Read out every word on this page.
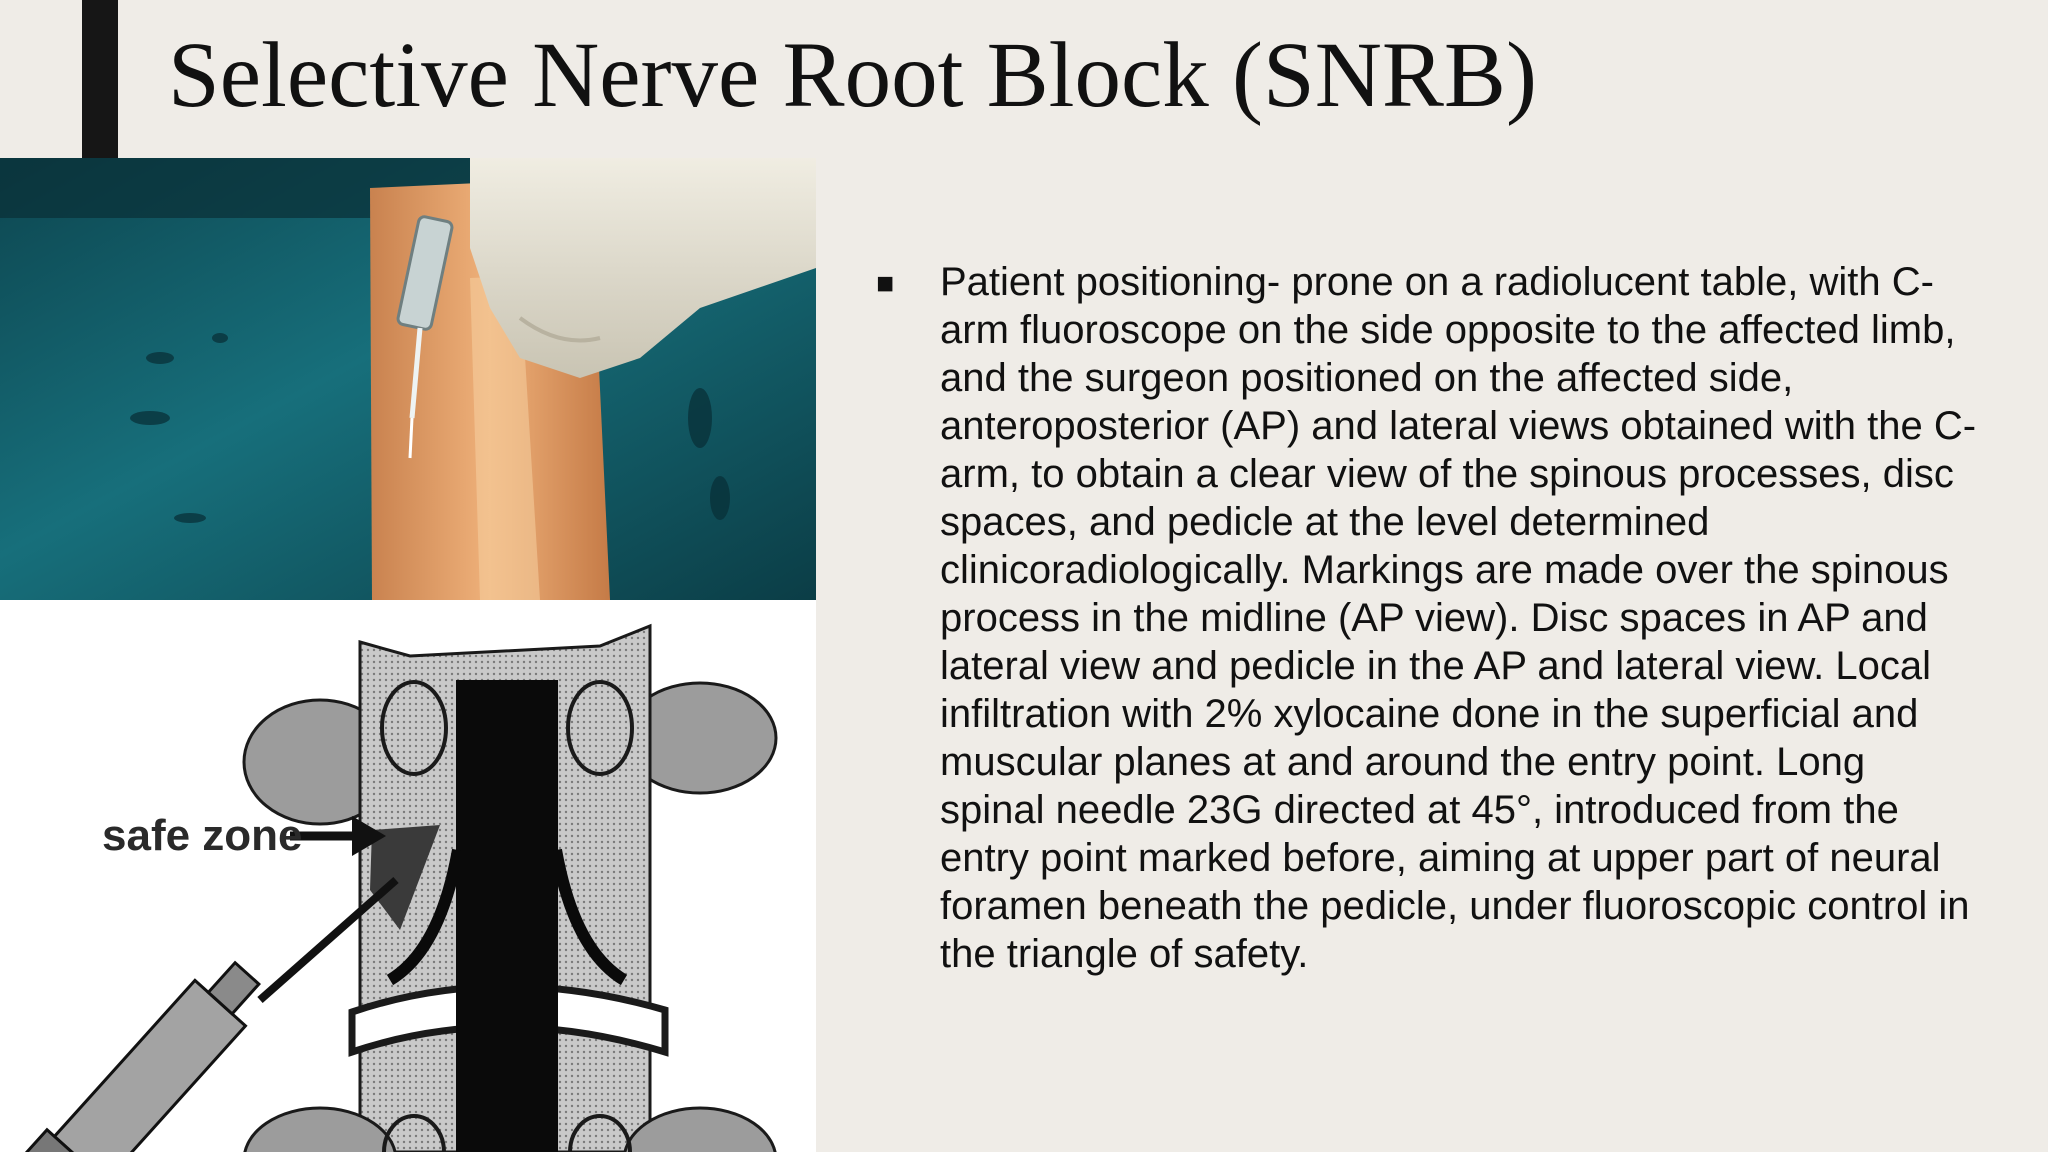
Selective Nerve Root Block (SNRB)
safe zone
■	Patient positioning- prone on a radiolucent table, with C-arm fluoroscope on the side opposite to the affected limb, and the surgeon positioned on the affected side, anteroposterior (AP) and lateral views obtained with the C-arm, to obtain a clear view of the spinous processes, disc spaces, and pedicle at the level determined clinicoradiologically. Markings are made over the spinous process in the midline (AP view). Disc spaces in AP and lateral view and pedicle in the AP and lateral view. Local infiltration with 2% xylocaine done in the superficial and muscular planes at and around the entry point. Long spinal needle 23G directed at 45°, introduced from the entry point marked before, aiming at upper part of neural foramen beneath the pedicle, under fluoroscopic control in the triangle of safety.
